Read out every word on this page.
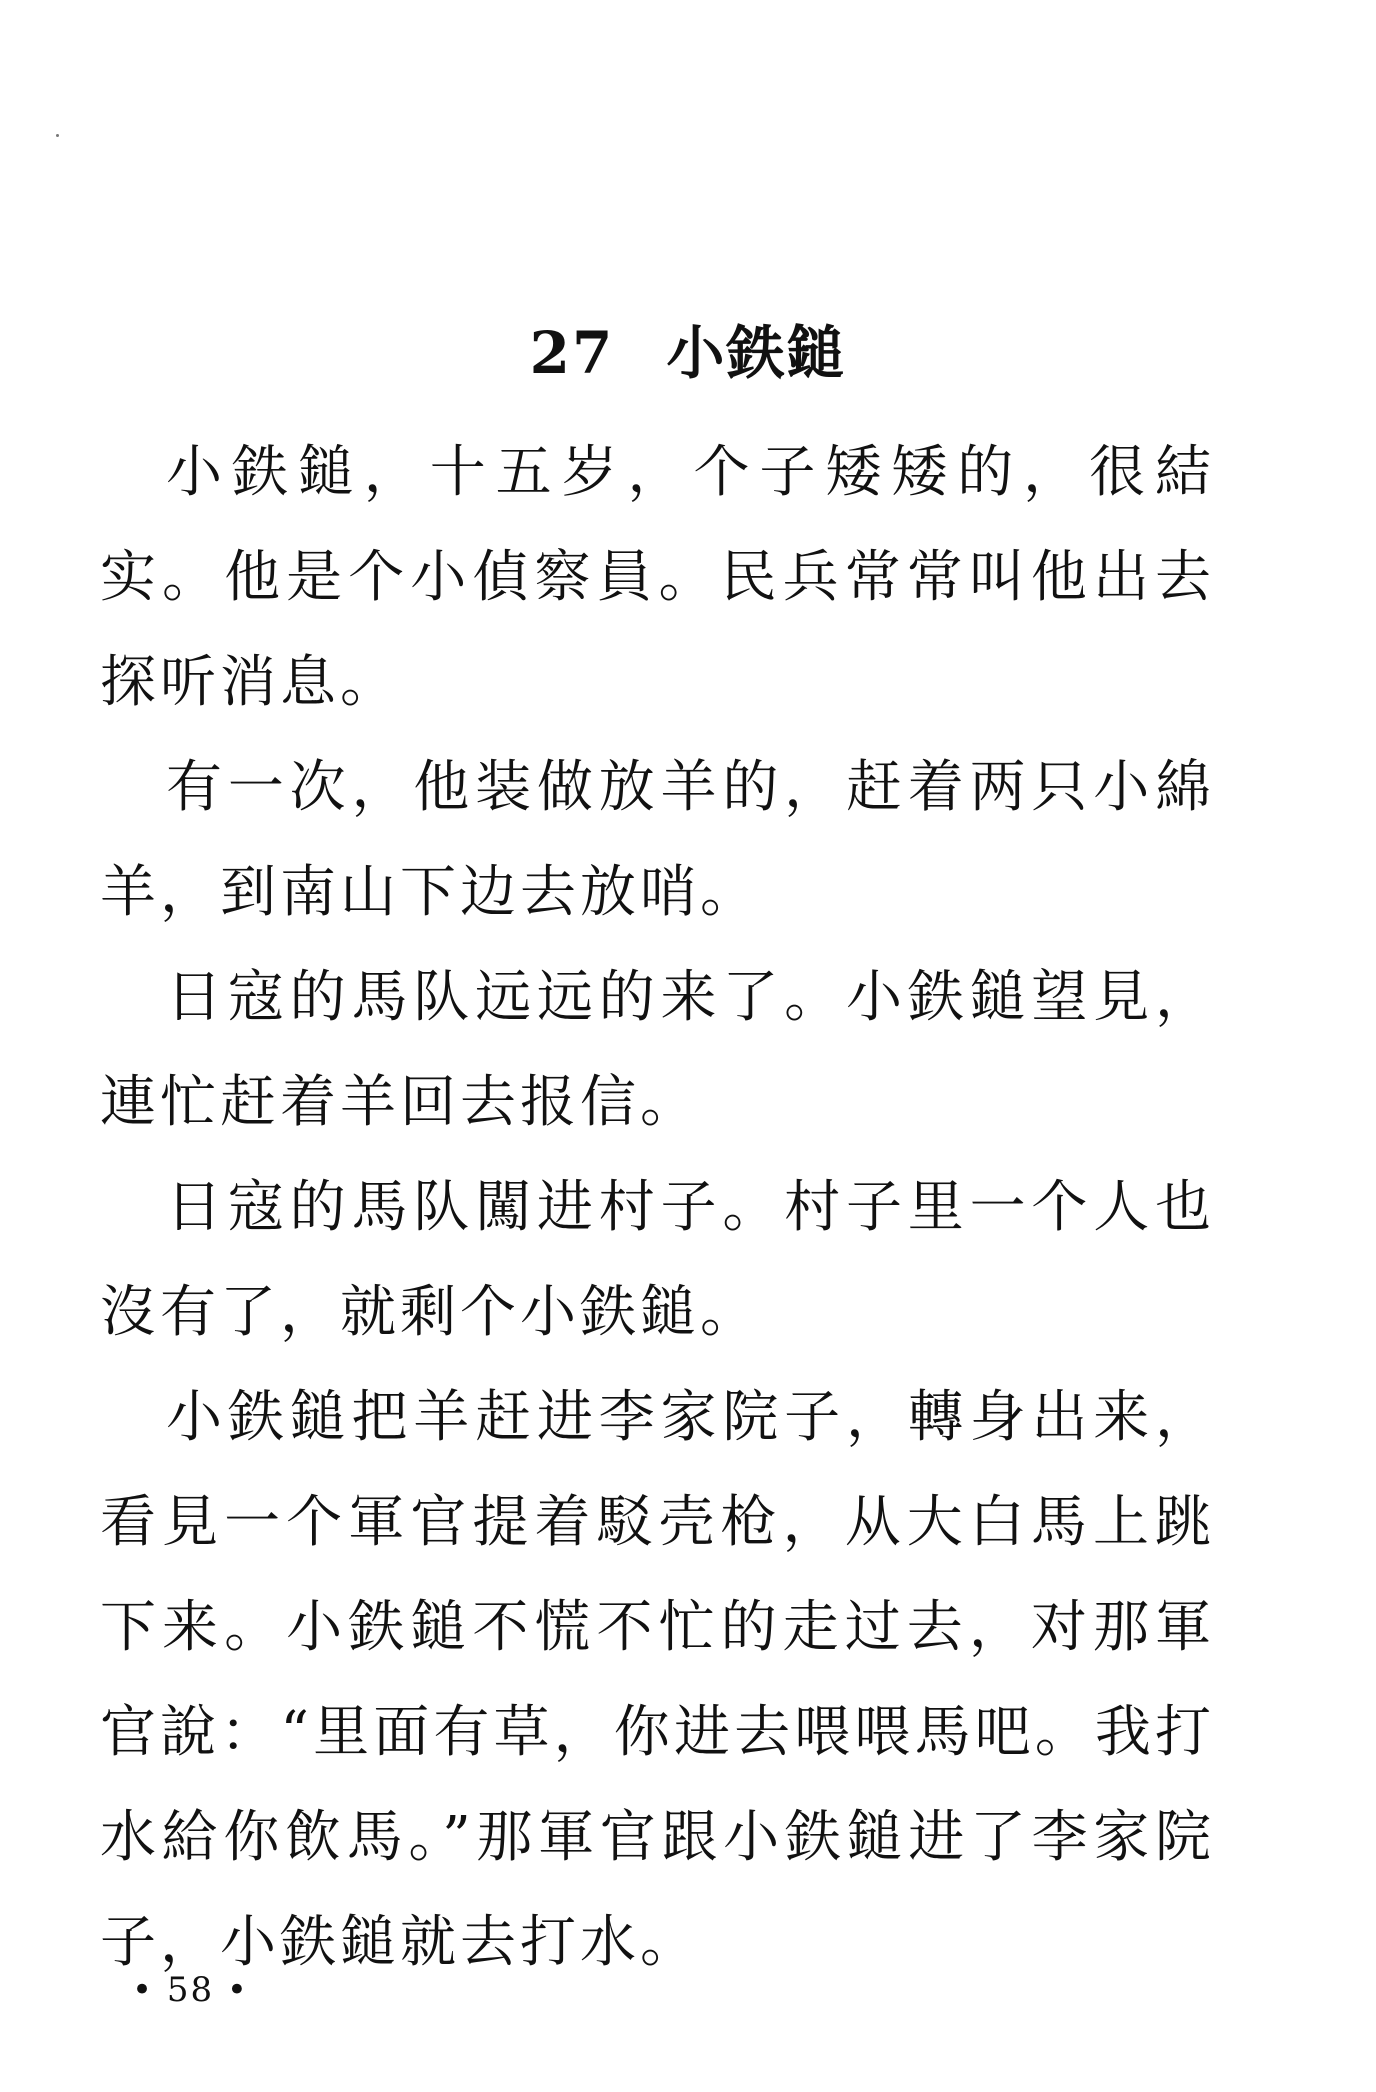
27 小鉄鎚

小鉄鎚，十五岁，个子矮矮的，很結实。他是个小偵察員。民兵常常叫他出去探听消息。

有一次，他装做放羊的，赶着两只小綿羊，到南山下边去放哨。

日寇的馬队远远的来了。小鉄鎚望見，連忙赶着羊回去报信。

日寇的馬队闖进村子。村子里一个人也沒有了，就剩个小鉄鎚。

小鉄鎚把羊赶进李家院子，轉身出来，看見一个軍官提着駁壳枪，从大白馬上跳下来。小鉄鎚不慌不忙的走过去，对那軍官說：“里面有草，你进去喂喂馬吧。我打水給你飲馬。”那軍官跟小鉄鎚进了李家院子，小鉄鎚就去打水。

• 58 •
